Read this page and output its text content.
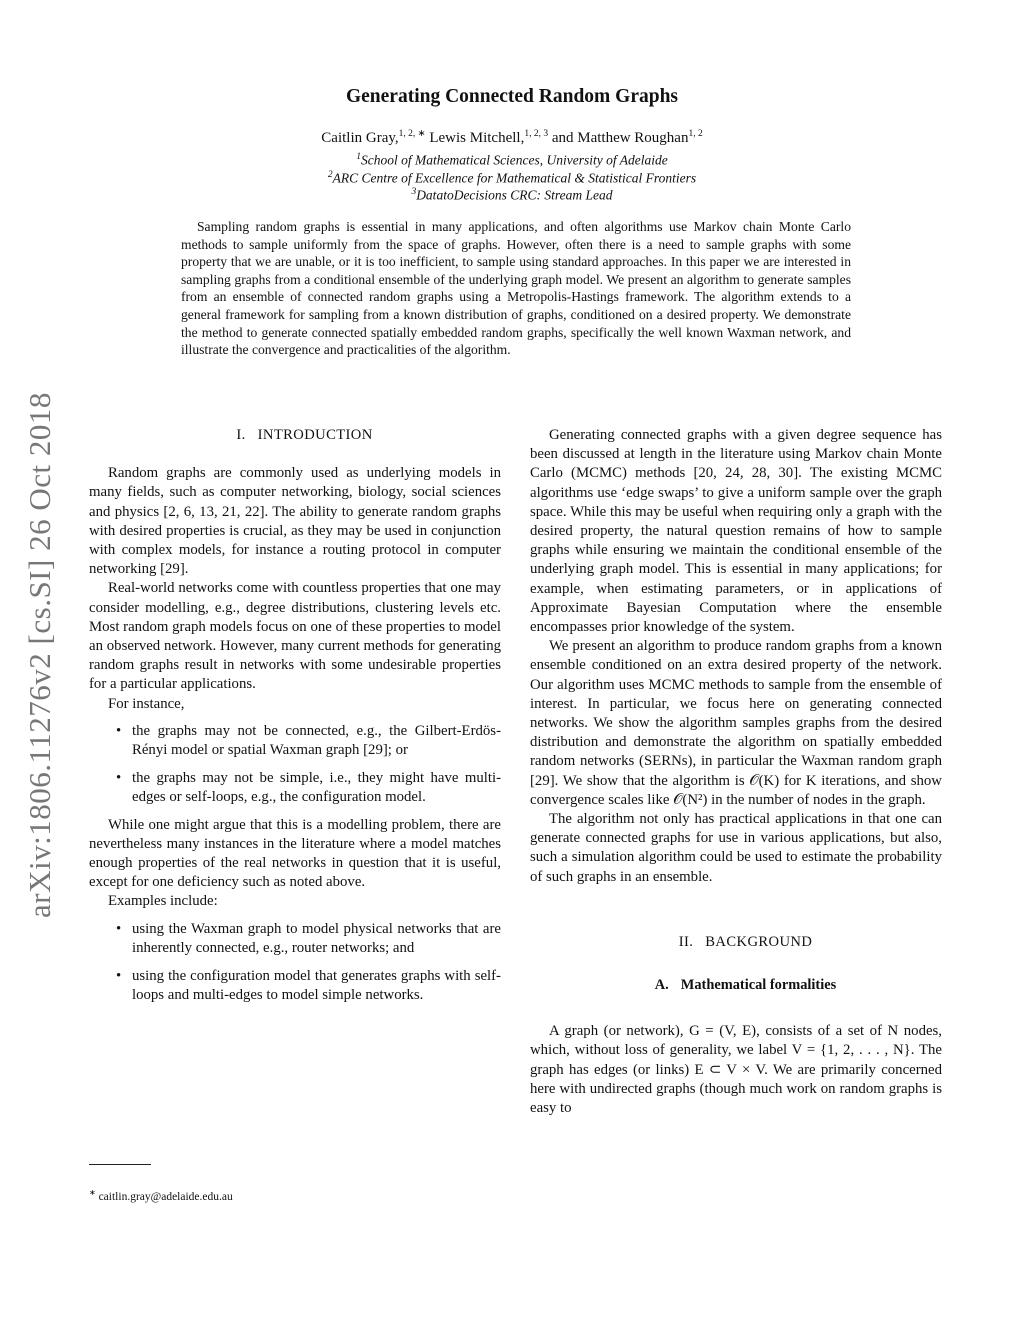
arXiv:1806.11276v2 [cs.SI] 26 Oct 2018
Generating Connected Random Graphs
Caitlin Gray,$^{1, 2, ∗}$ Lewis Mitchell,$^{1, 2, 3}$ and Matthew Roughan$^{1, 2}$
$^1$School of Mathematical Sciences, University of Adelaide
$^2$ARC Centre of Excellence for Mathematical & Statistical Frontiers
$^3$DatatoDecisions CRC: Stream Lead

Sampling random graphs is essential in many applications, and often algorithms use Markov chain Monte Carlo methods to sample uniformly from the space of graphs. However, often there is a need to sample graphs with some property that we are unable, or it is too inefficient, to sample using standard approaches. In this paper we are interested in sampling graphs from a conditional ensemble of the underlying graph model. We present an algorithm to generate samples from an ensemble of connected random graphs using a Metropolis-Hastings framework. The algorithm extends to a general framework for sampling from a known distribution of graphs, conditioned on a desired property. We demonstrate the method to generate connected spatially embedded random graphs, specifically the well known Waxman network, and illustrate the convergence and practicalities of the algorithm.

I. INTRODUCTION

Random graphs are commonly used as underlying models in many fields, such as computer networking, biology, social sciences and physics [2, 6, 13, 21, 22]. The ability to generate random graphs with desired properties is crucial, as they may be used in conjunction with complex models, for instance a routing protocol in computer networking [29].

Real-world networks come with countless properties that one may consider modelling, e.g., degree distributions, clustering levels etc. Most random graph models focus on one of these properties to model an observed network. However, many current methods for generating random graphs result in networks with some undesirable properties for a particular applications.

For instance,

• the graphs may not be connected, e.g., the Gilbert-Erdös-Rényi model or spatial Waxman graph [29]; or
• the graphs may not be simple, i.e., they might have multi-edges or self-loops, e.g., the configuration model.

While one might argue that this is a modelling problem, there are nevertheless many instances in the literature where a model matches enough properties of the real networks in question that it is useful, except for one deficiency such as noted above.

Examples include:

• using the Waxman graph to model physical networks that are inherently connected, e.g., router networks; and
• using the configuration model that generates graphs with self-loops and multi-edges to model simple networks.

Generating connected graphs with a given degree sequence has been discussed at length in the literature using Markov chain Monte Carlo (MCMC) methods [20, 24, 28, 30]. The existing MCMC algorithms use ‘edge swaps’ to give a uniform sample over the graph space. While this may be useful when requiring only a graph with the desired property, the natural question remains of how to sample graphs while ensuring we maintain the conditional ensemble of the underlying graph model. This is essential in many applications; for example, when estimating parameters, or in applications of Approximate Bayesian Computation where the ensemble encompasses prior knowledge of the system.

We present an algorithm to produce random graphs from a known ensemble conditioned on an extra desired property of the network. Our algorithm uses MCMC methods to sample from the ensemble of interest. In particular, we focus here on generating connected networks. We show the algorithm samples graphs from the desired distribution and demonstrate the algorithm on spatially embedded random networks (SERNs), in particular the Waxman random graph [29]. We show that the algorithm is 𝒪(K) for K iterations, and show convergence scales like 𝒪(N²) in the number of nodes in the graph.

The algorithm not only has practical applications in that one can generate connected graphs for use in various applications, but also, such a simulation algorithm could be used to estimate the probability of such graphs in an ensemble.

II. BACKGROUND

A. Mathematical formalities

A graph (or network), G = (V, E), consists of a set of N nodes, which, without loss of generality, we label V = {1, 2, . . . , N}. The graph has edges (or links) E ⊂ V × V. We are primarily concerned here with undirected graphs (though much work on random graphs is easy to

∗ caitlin.gray@adelaide.edu.au
